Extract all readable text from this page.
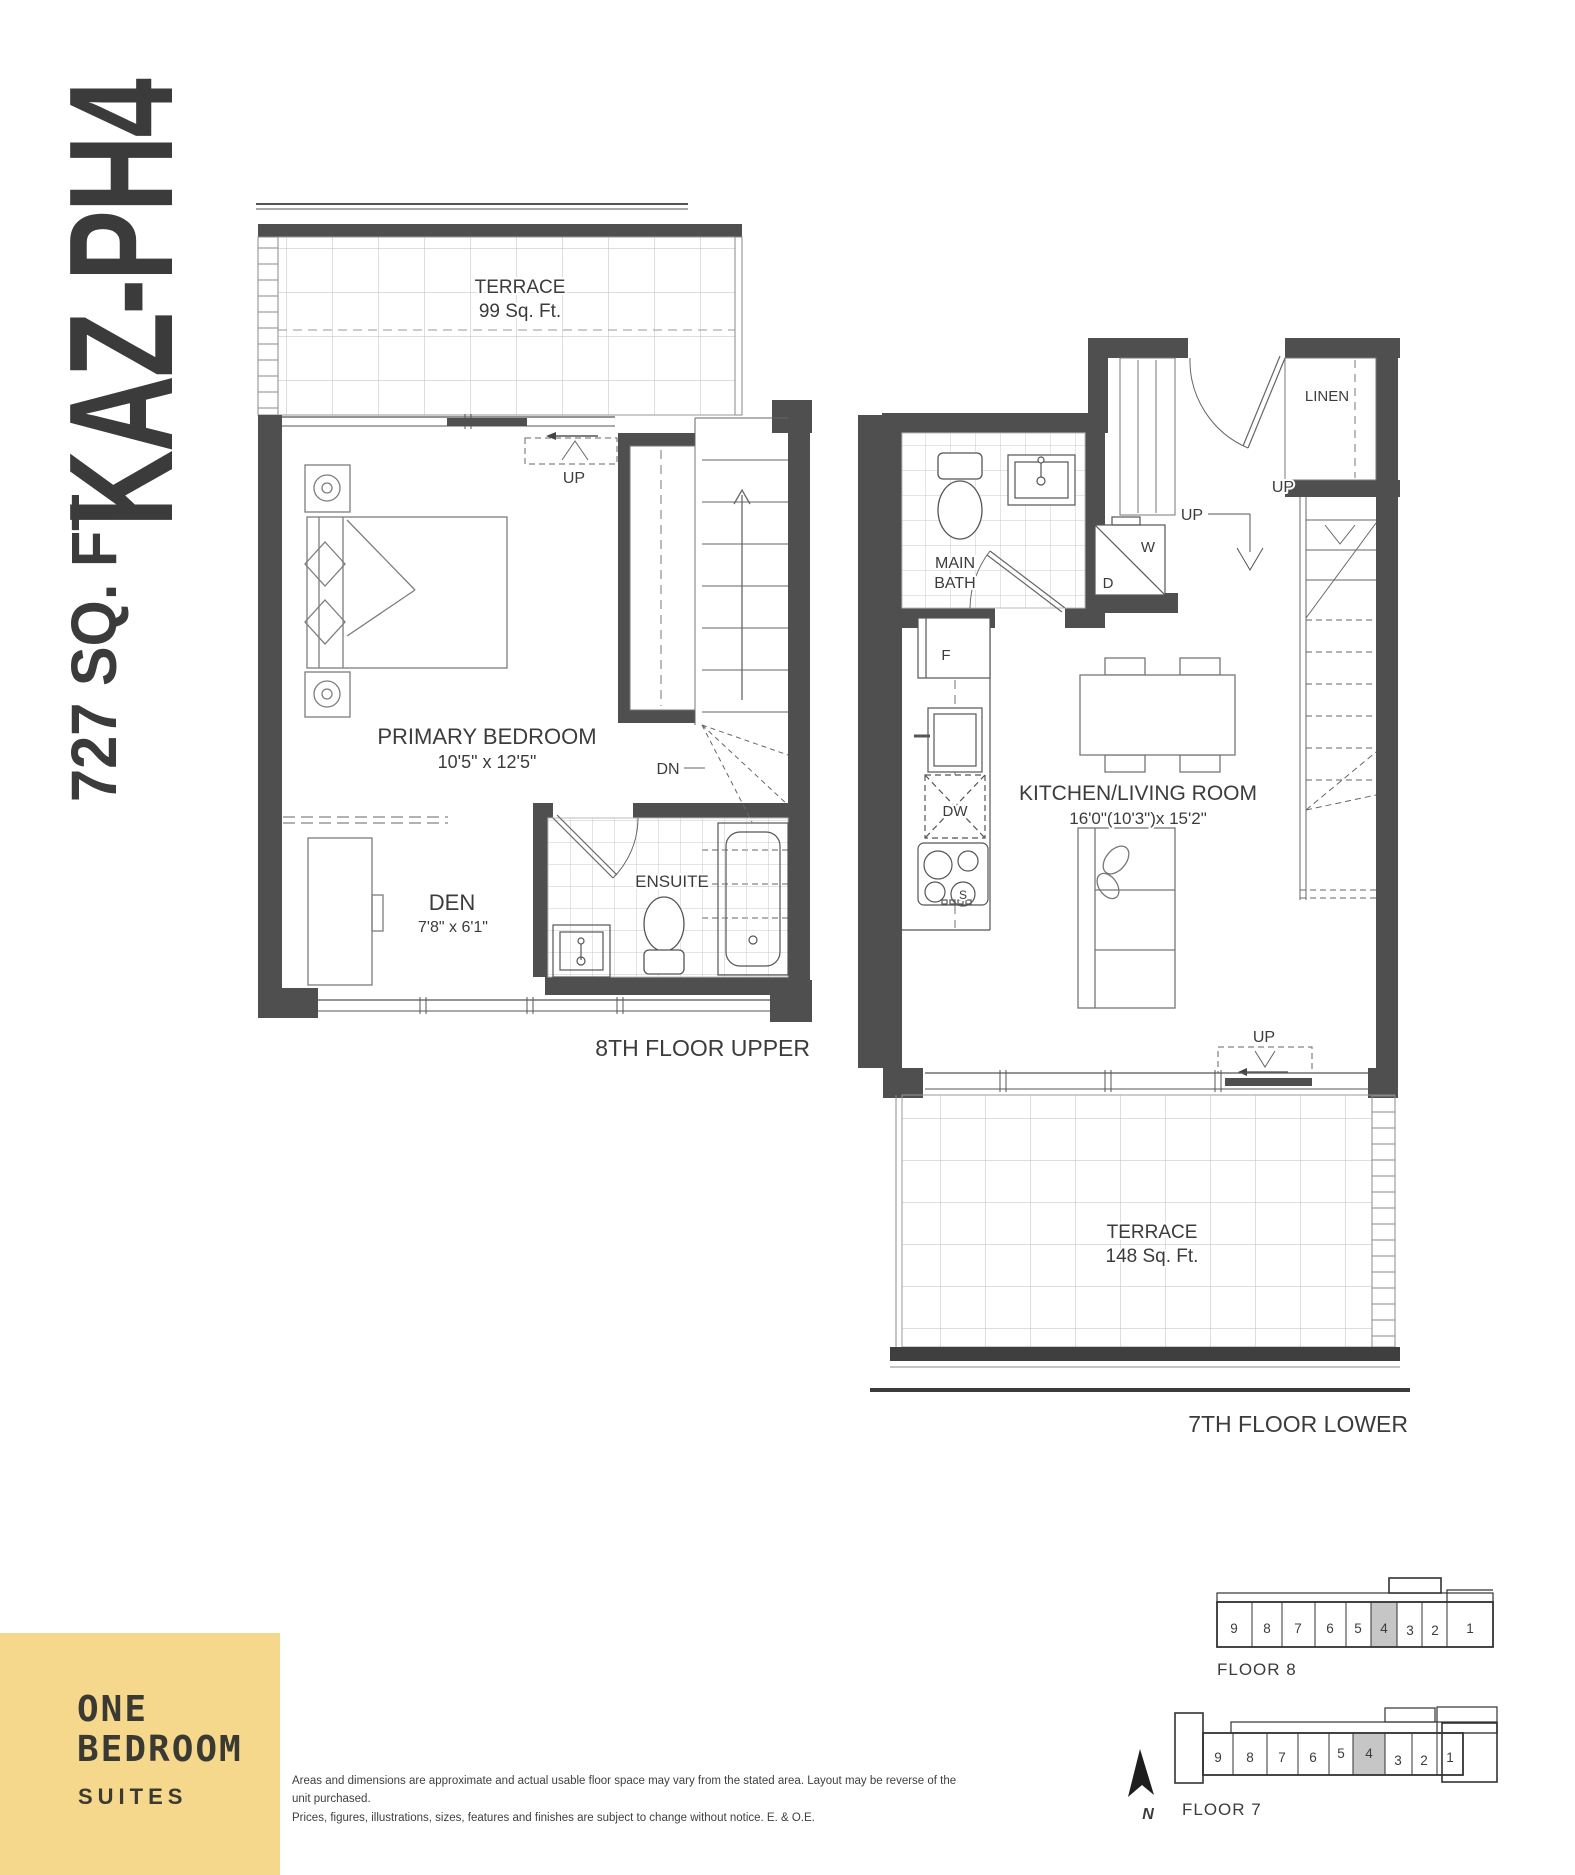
KAZ-PH4
727 SQ. FT.
TERRACE
99 Sq. Ft.
UP
PRIMARY BEDROOM
10'5" x 12'5"
DEN
7'8" x 6'1"
DN
ENSUITE
8TH FLOOR UPPER
MAIN
BATH
LINEN
UP
UP
W
D
F
DW
S
KITCHEN/LIVING ROOM
16'0"(10'3")x 15'2"
UP
TERRACE
148 Sq. Ft.
7TH FLOOR LOWER
9 8 7 6 5 4 3 2 1
FLOOR 8
9 8 7 6 5 4 3 2 1
FLOOR 7
N
ONE
BEDROOM
SUITES
Areas and dimensions are approximate and actual usable floor space may vary from the stated area. Layout may be reverse of the unit purchased.
Prices, figures, illustrations, sizes, features and finishes are subject to change without notice. E. & O.E.
